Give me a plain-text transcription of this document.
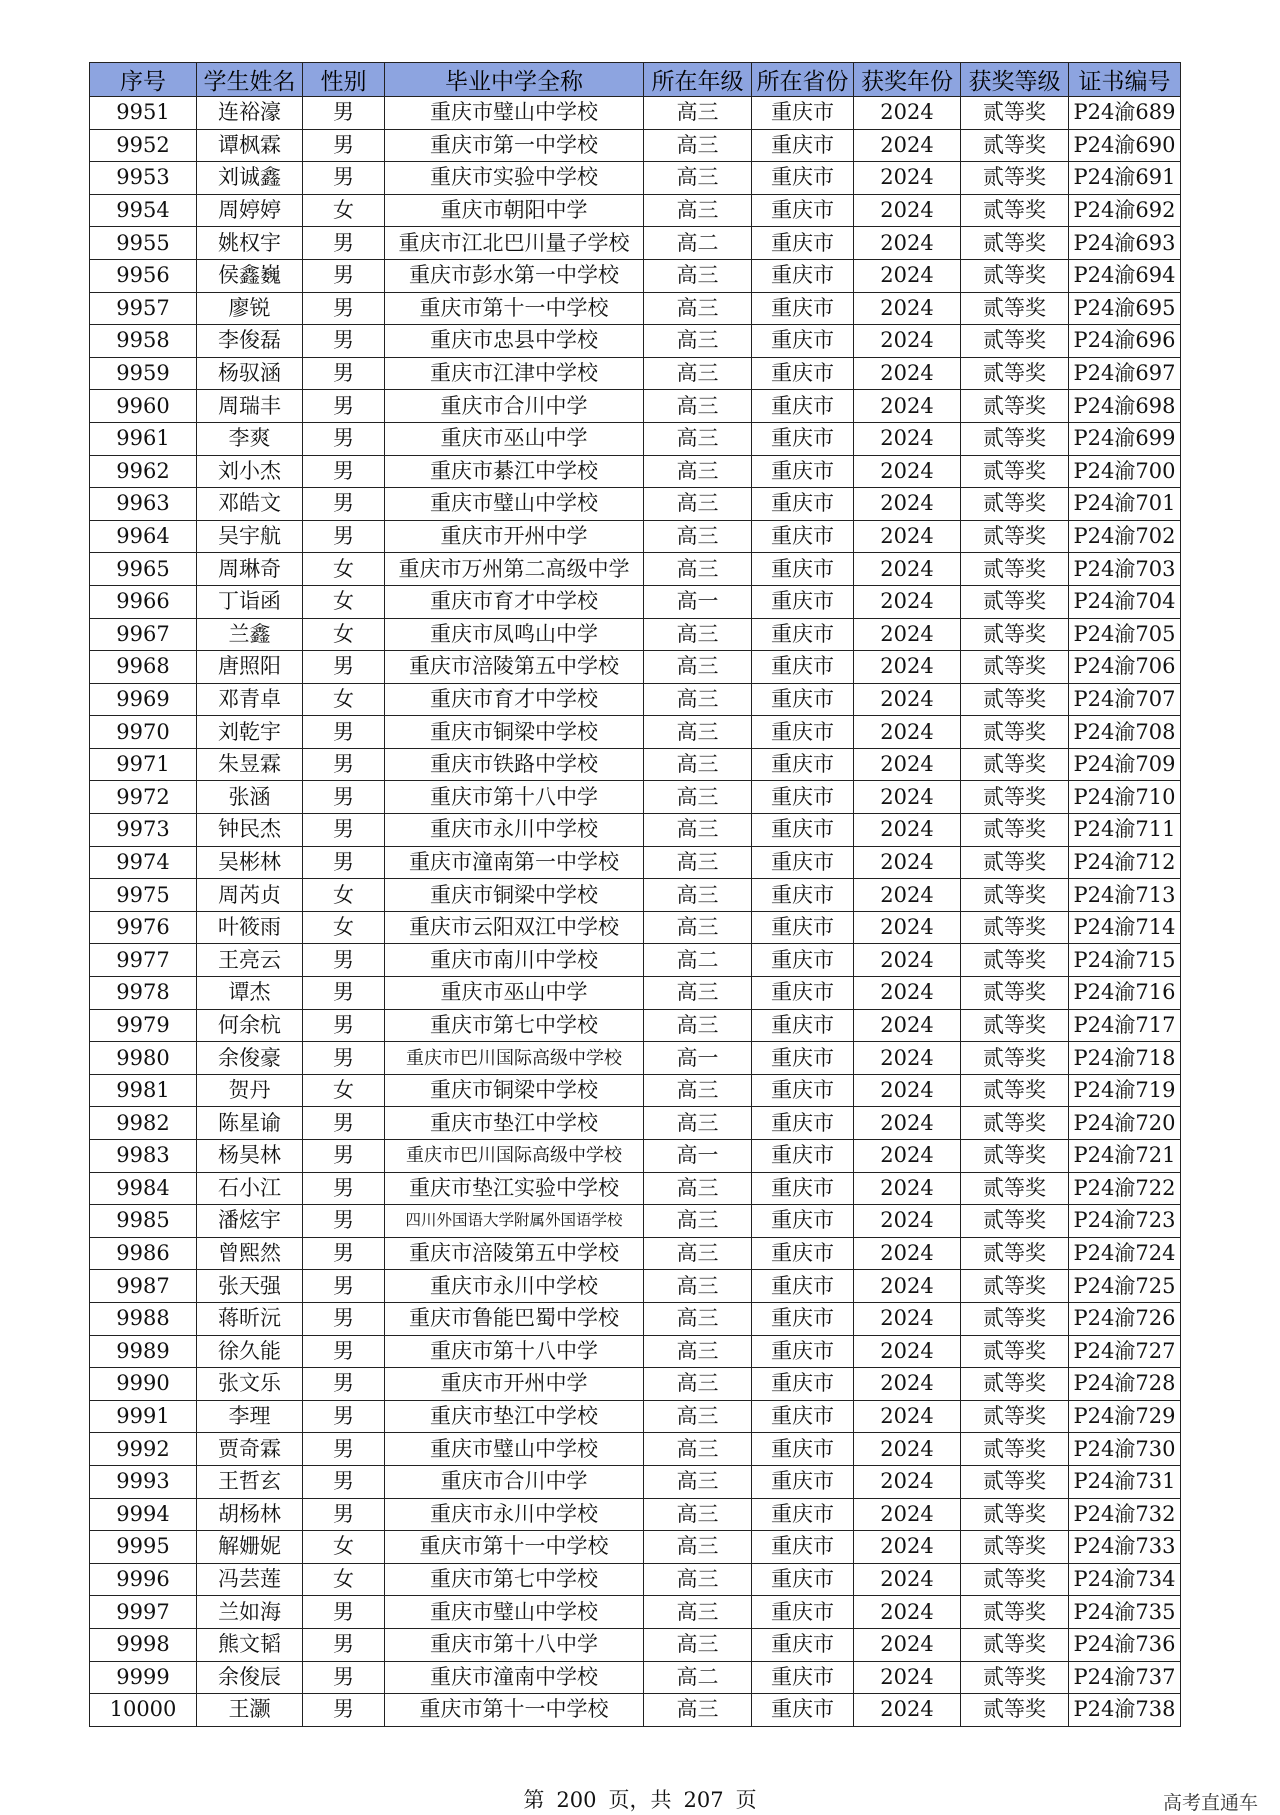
序号	学生姓名	性别	毕业中学全称	所在年级	所在省份	获奖年份	获奖等级	证书编号
9951	连裕濠	男	重庆市璧山中学校	高三	重庆市	2024	贰等奖	P24渝689
9952	谭枫霖	男	重庆市第一中学校	高三	重庆市	2024	贰等奖	P24渝690
9953	刘诚鑫	男	重庆市实验中学校	高三	重庆市	2024	贰等奖	P24渝691
9954	周婷婷	女	重庆市朝阳中学	高三	重庆市	2024	贰等奖	P24渝692
9955	姚权宇	男	重庆市江北巴川量子学校	高二	重庆市	2024	贰等奖	P24渝693
9956	侯鑫巍	男	重庆市彭水第一中学校	高三	重庆市	2024	贰等奖	P24渝694
9957	廖锐	男	重庆市第十一中学校	高三	重庆市	2024	贰等奖	P24渝695
9958	李俊磊	男	重庆市忠县中学校	高三	重庆市	2024	贰等奖	P24渝696
9959	杨驭涵	男	重庆市江津中学校	高三	重庆市	2024	贰等奖	P24渝697
9960	周瑞丰	男	重庆市合川中学	高三	重庆市	2024	贰等奖	P24渝698
9961	李爽	男	重庆市巫山中学	高三	重庆市	2024	贰等奖	P24渝699
9962	刘小杰	男	重庆市綦江中学校	高三	重庆市	2024	贰等奖	P24渝700
9963	邓皓文	男	重庆市璧山中学校	高三	重庆市	2024	贰等奖	P24渝701
9964	吴宇航	男	重庆市开州中学	高三	重庆市	2024	贰等奖	P24渝702
9965	周琳奇	女	重庆市万州第二高级中学	高三	重庆市	2024	贰等奖	P24渝703
9966	丁诣函	女	重庆市育才中学校	高一	重庆市	2024	贰等奖	P24渝704
9967	兰鑫	女	重庆市凤鸣山中学	高三	重庆市	2024	贰等奖	P24渝705
9968	唐照阳	男	重庆市涪陵第五中学校	高三	重庆市	2024	贰等奖	P24渝706
9969	邓青卓	女	重庆市育才中学校	高三	重庆市	2024	贰等奖	P24渝707
9970	刘乾宇	男	重庆市铜梁中学校	高三	重庆市	2024	贰等奖	P24渝708
9971	朱昱霖	男	重庆市铁路中学校	高三	重庆市	2024	贰等奖	P24渝709
9972	张涵	男	重庆市第十八中学	高三	重庆市	2024	贰等奖	P24渝710
9973	钟民杰	男	重庆市永川中学校	高三	重庆市	2024	贰等奖	P24渝711
9974	吴彬林	男	重庆市潼南第一中学校	高三	重庆市	2024	贰等奖	P24渝712
9975	周芮贞	女	重庆市铜梁中学校	高三	重庆市	2024	贰等奖	P24渝713
9976	叶筱雨	女	重庆市云阳双江中学校	高三	重庆市	2024	贰等奖	P24渝714
9977	王亮云	男	重庆市南川中学校	高二	重庆市	2024	贰等奖	P24渝715
9978	谭杰	男	重庆市巫山中学	高三	重庆市	2024	贰等奖	P24渝716
9979	何余杭	男	重庆市第七中学校	高三	重庆市	2024	贰等奖	P24渝717
9980	余俊豪	男	重庆市巴川国际高级中学校	高一	重庆市	2024	贰等奖	P24渝718
9981	贺丹	女	重庆市铜梁中学校	高三	重庆市	2024	贰等奖	P24渝719
9982	陈星谕	男	重庆市垫江中学校	高三	重庆市	2024	贰等奖	P24渝720
9983	杨昊林	男	重庆市巴川国际高级中学校	高一	重庆市	2024	贰等奖	P24渝721
9984	石小江	男	重庆市垫江实验中学校	高三	重庆市	2024	贰等奖	P24渝722
9985	潘炫宇	男	四川外国语大学附属外国语学校	高三	重庆市	2024	贰等奖	P24渝723
9986	曾熙然	男	重庆市涪陵第五中学校	高三	重庆市	2024	贰等奖	P24渝724
9987	张天强	男	重庆市永川中学校	高三	重庆市	2024	贰等奖	P24渝725
9988	蒋昕沅	男	重庆市鲁能巴蜀中学校	高三	重庆市	2024	贰等奖	P24渝726
9989	徐久能	男	重庆市第十八中学	高三	重庆市	2024	贰等奖	P24渝727
9990	张文乐	男	重庆市开州中学	高三	重庆市	2024	贰等奖	P24渝728
9991	李理	男	重庆市垫江中学校	高三	重庆市	2024	贰等奖	P24渝729
9992	贾奇霖	男	重庆市璧山中学校	高三	重庆市	2024	贰等奖	P24渝730
9993	王哲玄	男	重庆市合川中学	高三	重庆市	2024	贰等奖	P24渝731
9994	胡杨林	男	重庆市永川中学校	高三	重庆市	2024	贰等奖	P24渝732
9995	解姗妮	女	重庆市第十一中学校	高三	重庆市	2024	贰等奖	P24渝733
9996	冯芸莲	女	重庆市第七中学校	高三	重庆市	2024	贰等奖	P24渝734
9997	兰如海	男	重庆市璧山中学校	高三	重庆市	2024	贰等奖	P24渝735
9998	熊文韬	男	重庆市第十八中学	高三	重庆市	2024	贰等奖	P24渝736
9999	余俊辰	男	重庆市潼南中学校	高二	重庆市	2024	贰等奖	P24渝737
10000	王灏	男	重庆市第十一中学校	高三	重庆市	2024	贰等奖	P24渝738
第 200 页，共 207 页	高考直通车
